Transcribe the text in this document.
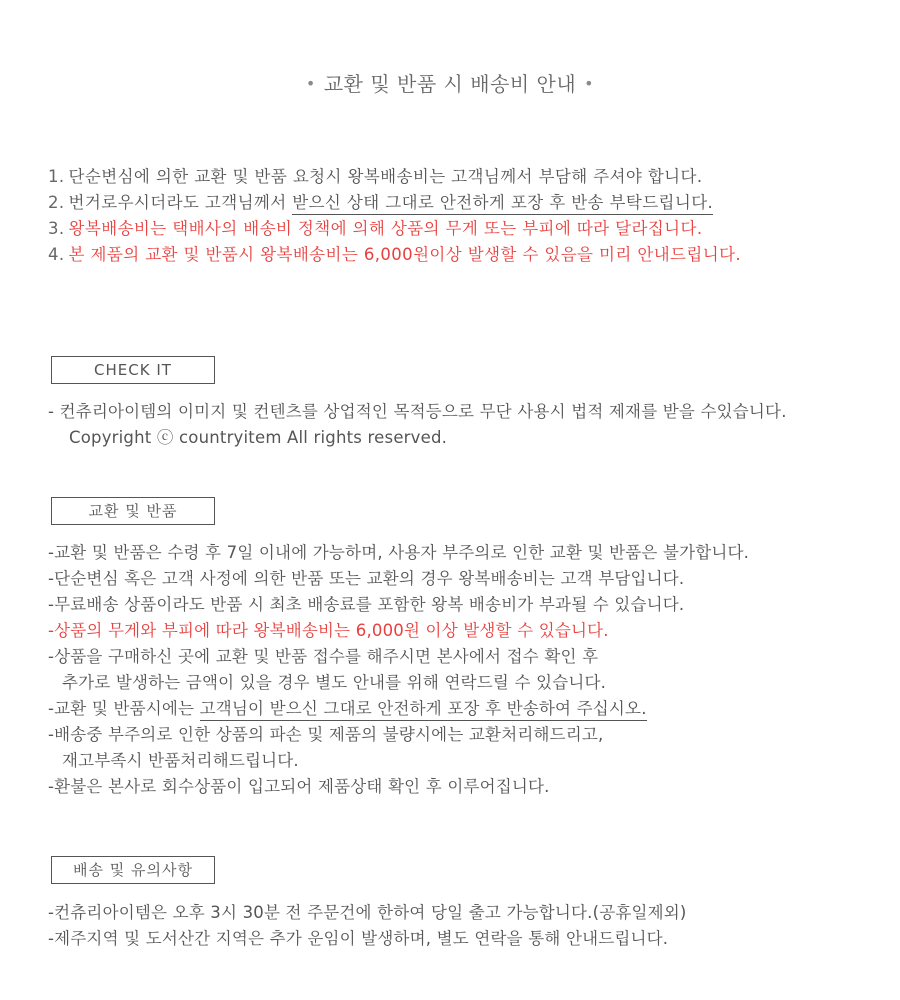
• 교환 및 반품 시 배송비 안내 •
1. 단순변심에 의한 교환 및 반품 요청시 왕복배송비는 고객님께서 부담해 주셔야 합니다.
2. 번거로우시더라도 고객님께서 받으신 상태 그대로 안전하게 포장 후 반송 부탁드립니다.
3. 왕복배송비는 택배사의 배송비 정책에 의해 상품의 무게 또는 부피에 따라 달라집니다.
4. 본 제품의 교환 및 반품시 왕복배송비는 6,000원이상 발생할 수 있음을 미리 안내드립니다.
CHECK IT

- 컨츄리아이템의 이미지 및 컨텐츠를 상업적인 목적등으로 무단 사용시 법적 제재를 받을 수있습니다.

Copyright ⓒ countryitem All rights reserved.

교환 및 반품

-교환 및 반품은 수령 후 7일 이내에 가능하며, 사용자 부주의로 인한 교환 및 반품은 불가합니다.

-단순변심 혹은 고객 사정에 의한 반품 또는 교환의 경우 왕복배송비는 고객 부담입니다.

-무료배송 상품이라도 반품 시 최초 배송료를 포함한 왕복 배송비가 부과될 수 있습니다.

-상품의 무게와 부피에 따라 왕복배송비는 6,000원 이상 발생할 수 있습니다.

-상품을 구매하신 곳에 교환 및 반품 접수를 해주시면 본사에서 접수 확인 후

추가로 발생하는 금액이 있을 경우 별도 안내를 위해 연락드릴 수 있습니다.

-교환 및 반품시에는 고객님이 받으신 그대로 안전하게 포장 후 반송하여 주십시오.

-배송중 부주의로 인한 상품의 파손 및 제품의 불량시에는 교환처리해드리고,

재고부족시 반품처리해드립니다.

-환불은 본사로 회수상품이 입고되어 제품상태 확인 후 이루어집니다.

배송 및 유의사항

-컨츄리아이템은 오후 3시 30분 전 주문건에 한하여 당일 출고 가능합니다.(공휴일제외)

-제주지역 및 도서산간 지역은 추가 운임이 발생하며, 별도 연락을 통해 안내드립니다.
